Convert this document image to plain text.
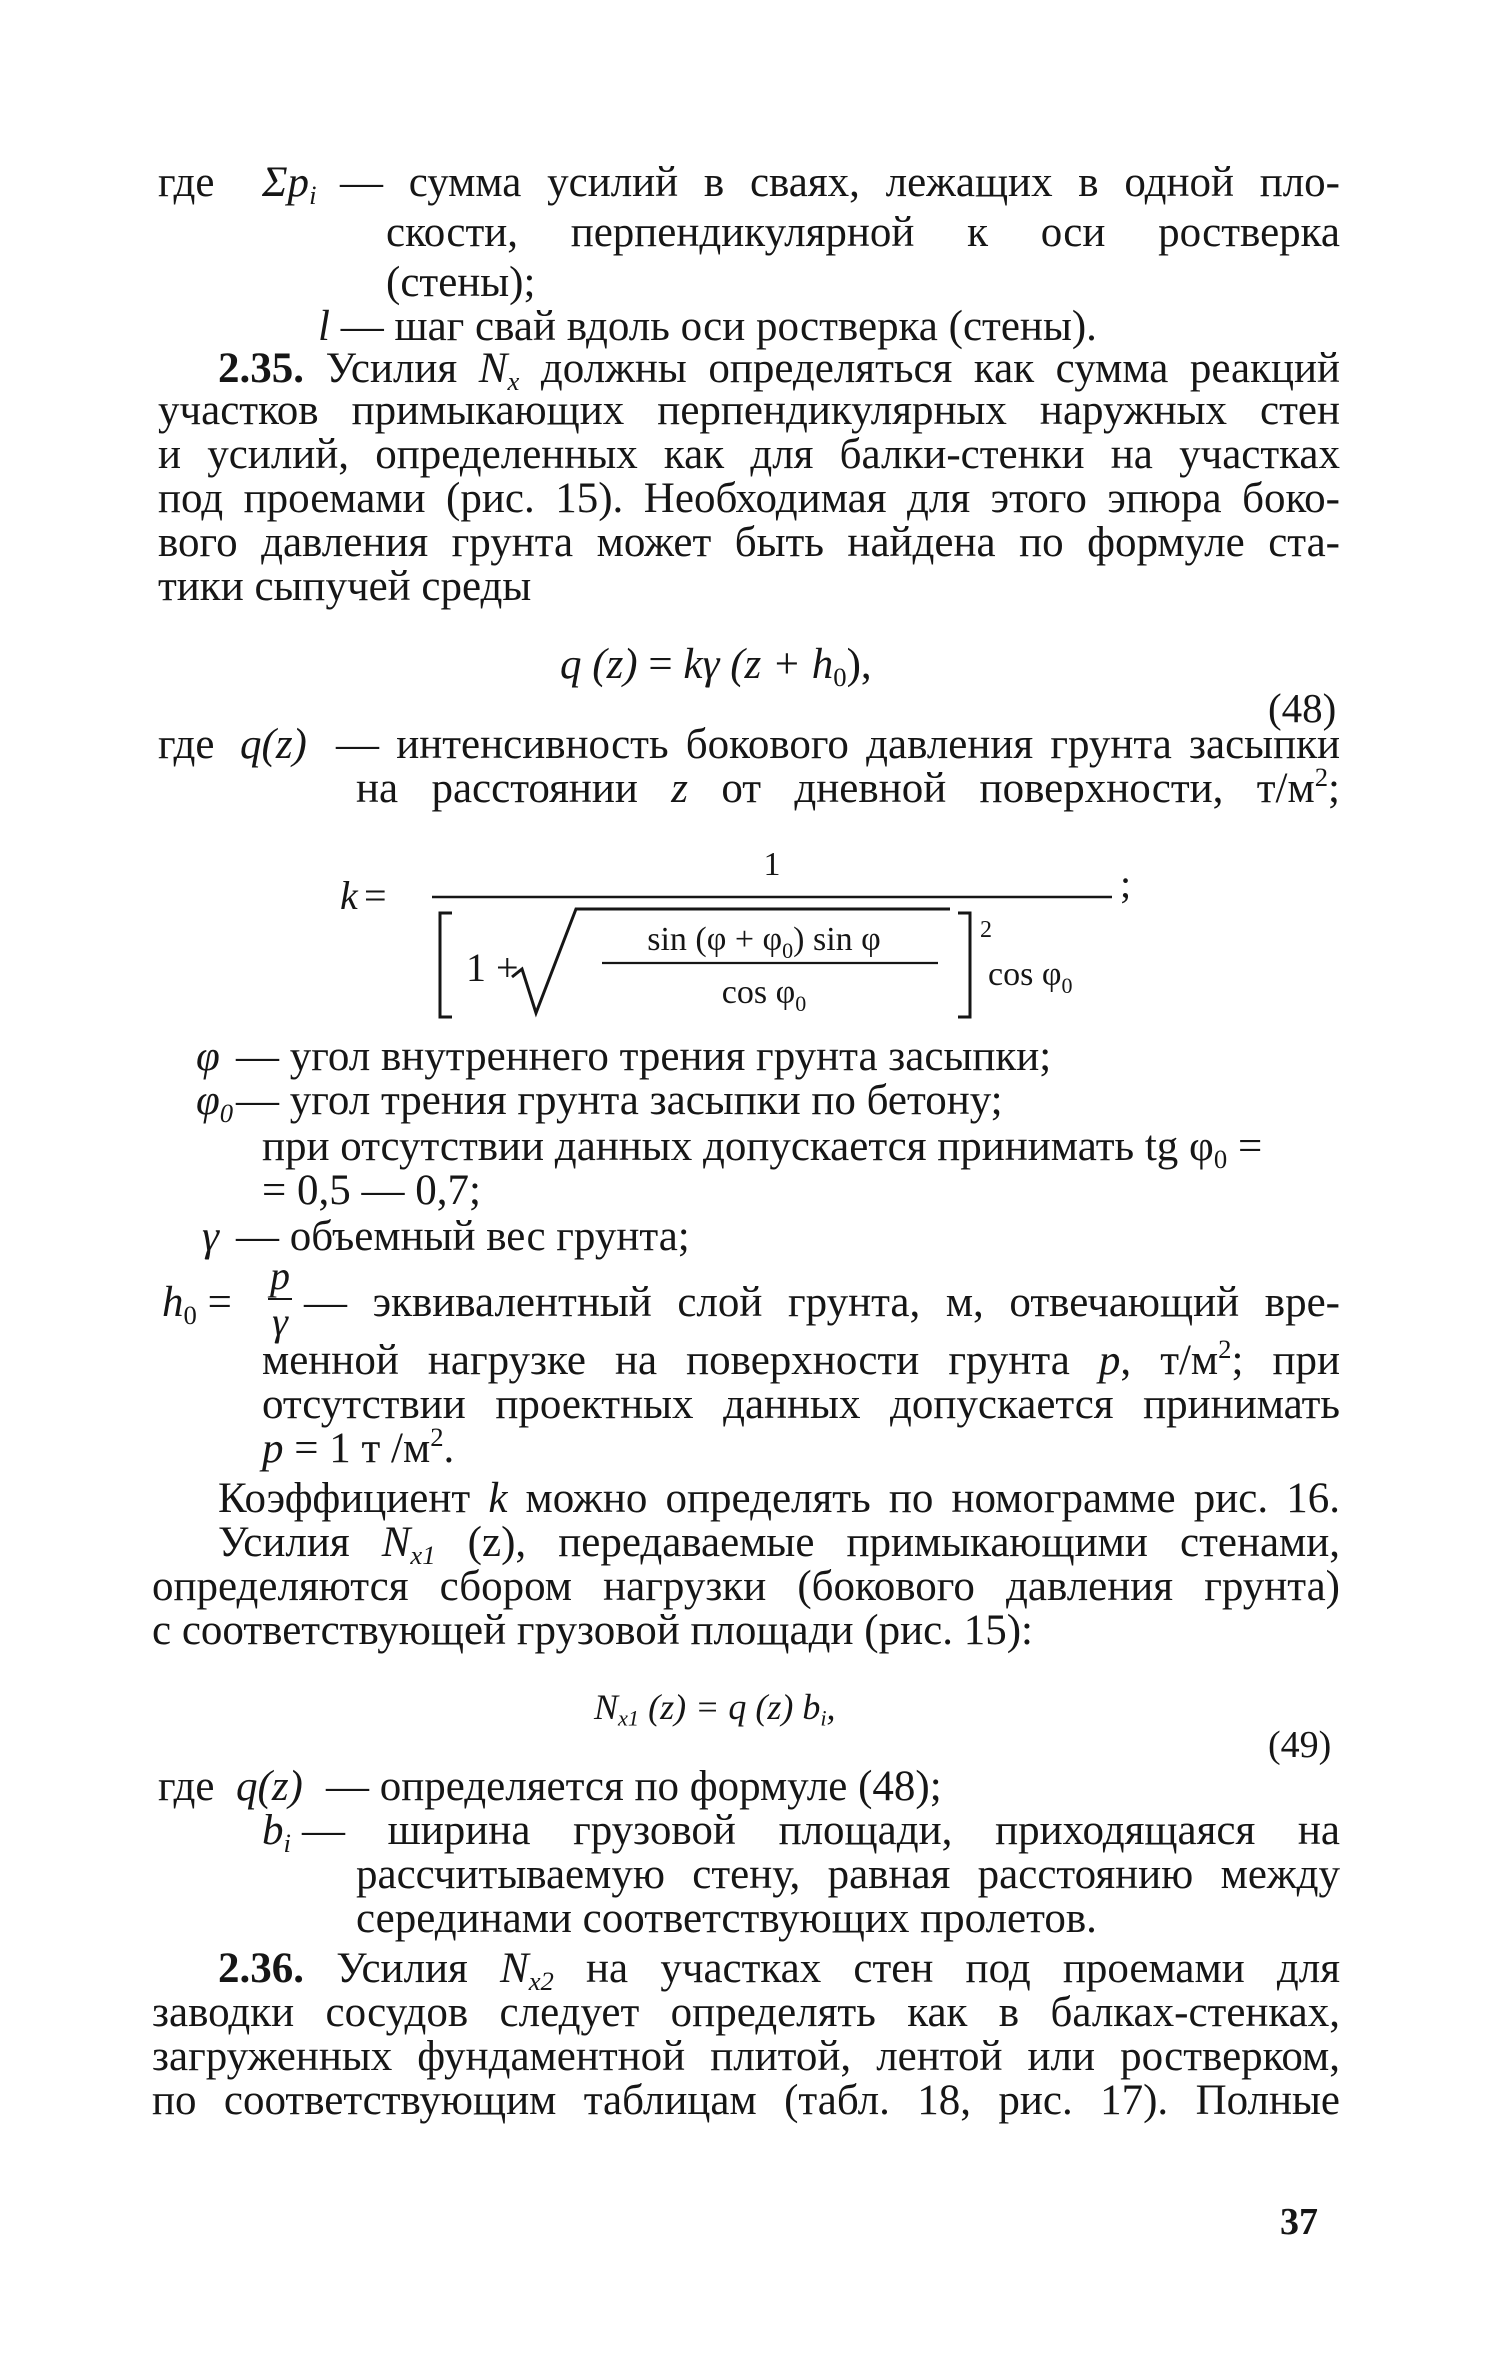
где $\Sigma p_i$ — сумма усилий в сваях, лежащих в одной пло-

скости, перпендикулярной к оси ростверка

(стены);

l — шаг свай вдоль оси ростверка (стены).

2.35. Усилия $N_x$ должны определяться как сумма реакций

участков примыкающих перпендикулярных наружных стен

и усилий, определенных как для балки-стенки на участках

под проемами (рис. 15). Необходимая для этого эпюра боко-

вого давления грунта может быть найдена по формуле ста-

тики сыпучей среды

q (z) = kγ $(z + h_0)$,

(48)

где q(z) — интенсивность бокового давления грунта засыпки

на расстоянии z от дневной поверхности, $т/м^2$;

k =
1
1 +
$\sin (\varphi + \varphi_0)$ sin φ
$\cos \varphi_0$
2
$\cos \varphi_0$
;

φ — угол внутреннего трения грунта засыпки;

$\varphi_0$ — угол трения грунта засыпки по бетону;

при отсутствии данных допускается принимать tg $\varphi_0$ =

= 0,5 — 0,7;

γ — объемный вес грунта;

$h_0 = \frac{p}{\gamma}$ — эквивалентный слой грунта, м, отвечающий вре-

менной нагрузке на поверхности грунта p, $т/м^2$; при

отсутствии проектных данных допускается принимать

p = 1 т $/м^2$.

Коэффициент k можно определять по номограмме рис. 16.

Усилия $N_{x1}$ (z), передаваемые примыкающими стенами,

определяются сбором нагрузки (бокового давления грунта)

с соответствующей грузовой площади (рис. 15):

$N_{x1}$ (z) = q (z) $b_i$,

(49)

где q(z) — определяется по формуле (48);

$b_i$ — ширина грузовой площади, приходящаяся на

рассчитываемую стену, равная расстоянию между

серединами соответствующих пролетов.

2.36. Усилия $N_{x2}$ на участках стен под проемами для

заводки сосудов следует определять как в балках-стенках,

загруженных фундаментной плитой, лентой или ростверком,

по соответствующим таблицам (табл. 18, рис. 17). Полные

37
